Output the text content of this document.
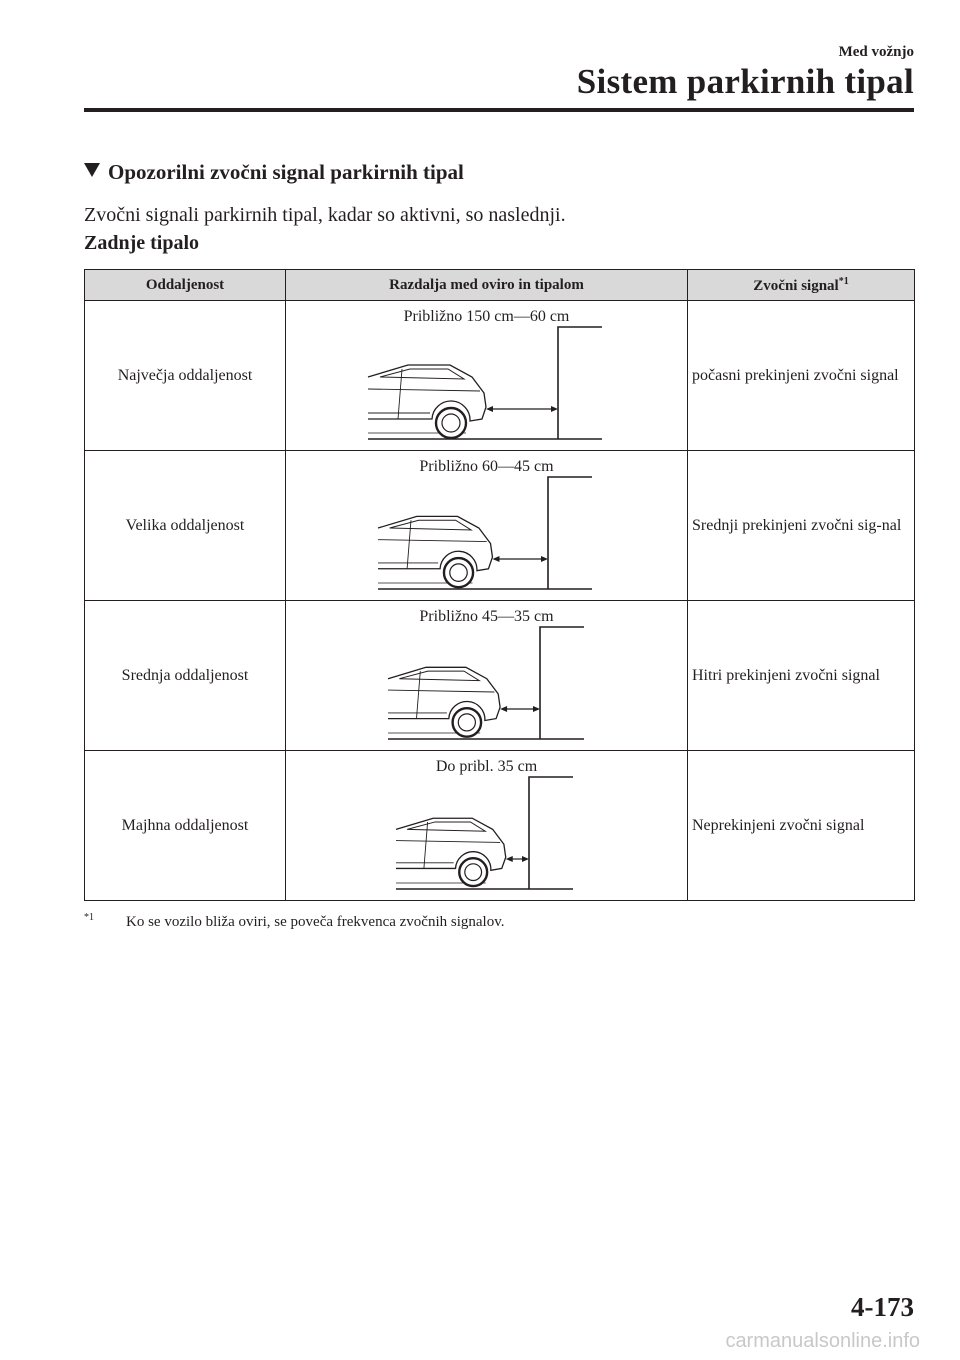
Med vožnjo
Sistem parkirnih tipal
Opozorilni zvočni signal parkirnih tipal
Zvočni signali parkirnih tipal, kadar so aktivni, so naslednji.
Zadnje tipalo
Oddaljenost	Razdalja med oviro in tipalom	Zvočni signal$^{*1}$
Največja oddaljenost	Približno 150 cm—60 cm	počasni prekinjeni zvočni signal
Velika oddaljenost	Približno 60—45 cm	Srednji prekinjeni zvočni sig-nal
Srednja oddaljenost	Približno 45—35 cm	Hitri prekinjeni zvočni signal
Majhna oddaljenost	Do pribl. 35 cm	Neprekinjeni zvočni signal
$^{*1}$ Ko se vozilo bliža oviri, se poveča frekvenca zvočnih signalov.
4-173
carmanualsonline.info
